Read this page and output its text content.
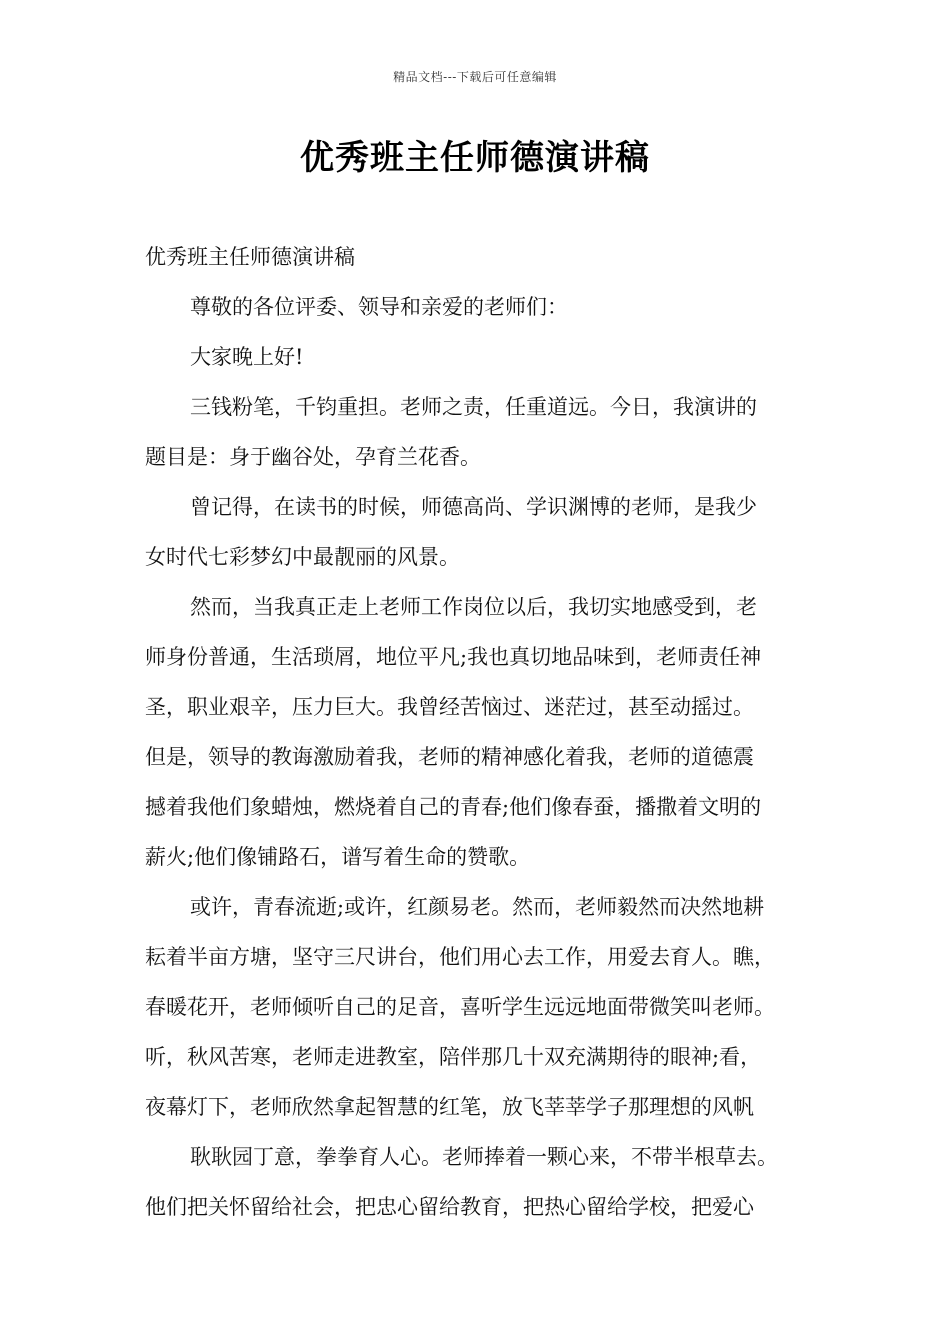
精品文档---下载后可任意编辑
优秀班主任师德演讲稿
优秀班主任师德演讲稿
尊敬的各位评委、领导和亲爱的老师们：
大家晚上好!
三钱粉笔，千钧重担。老师之责，任重道远。今日，我演讲的
题目是：身于幽谷处，孕育兰花香。
曾记得，在读书的时候，师德高尚、学识渊博的老师，是我少
女时代七彩梦幻中最靓丽的风景。
然而，当我真正走上老师工作岗位以后，我切实地感受到，老
师身份普通，生活琐屑，地位平凡;我也真切地品味到，老师责任神
圣，职业艰辛，压力巨大。我曾经苦恼过、迷茫过，甚至动摇过。
但是，领导的教诲激励着我，老师的精神感化着我，老师的道德震
撼着我他们象蜡烛，燃烧着自己的青春;他们像春蚕，播撒着文明的
薪火;他们像铺路石，谱写着生命的赞歌。
或许，青春流逝;或许，红颜易老。然而，老师毅然而决然地耕
耘着半亩方塘，坚守三尺讲台，他们用心去工作，用爱去育人。瞧，
春暖花开，老师倾听自己的足音，喜听学生远远地面带微笑叫老师。
听，秋风苦寒，老师走进教室，陪伴那几十双充满期待的眼神;看，
夜幕灯下，老师欣然拿起智慧的红笔，放飞莘莘学子那理想的风帆
耿耿园丁意，拳拳育人心。老师捧着一颗心来，不带半根草去。
他们把关怀留给社会，把忠心留给教育，把热心留给学校，把爱心
